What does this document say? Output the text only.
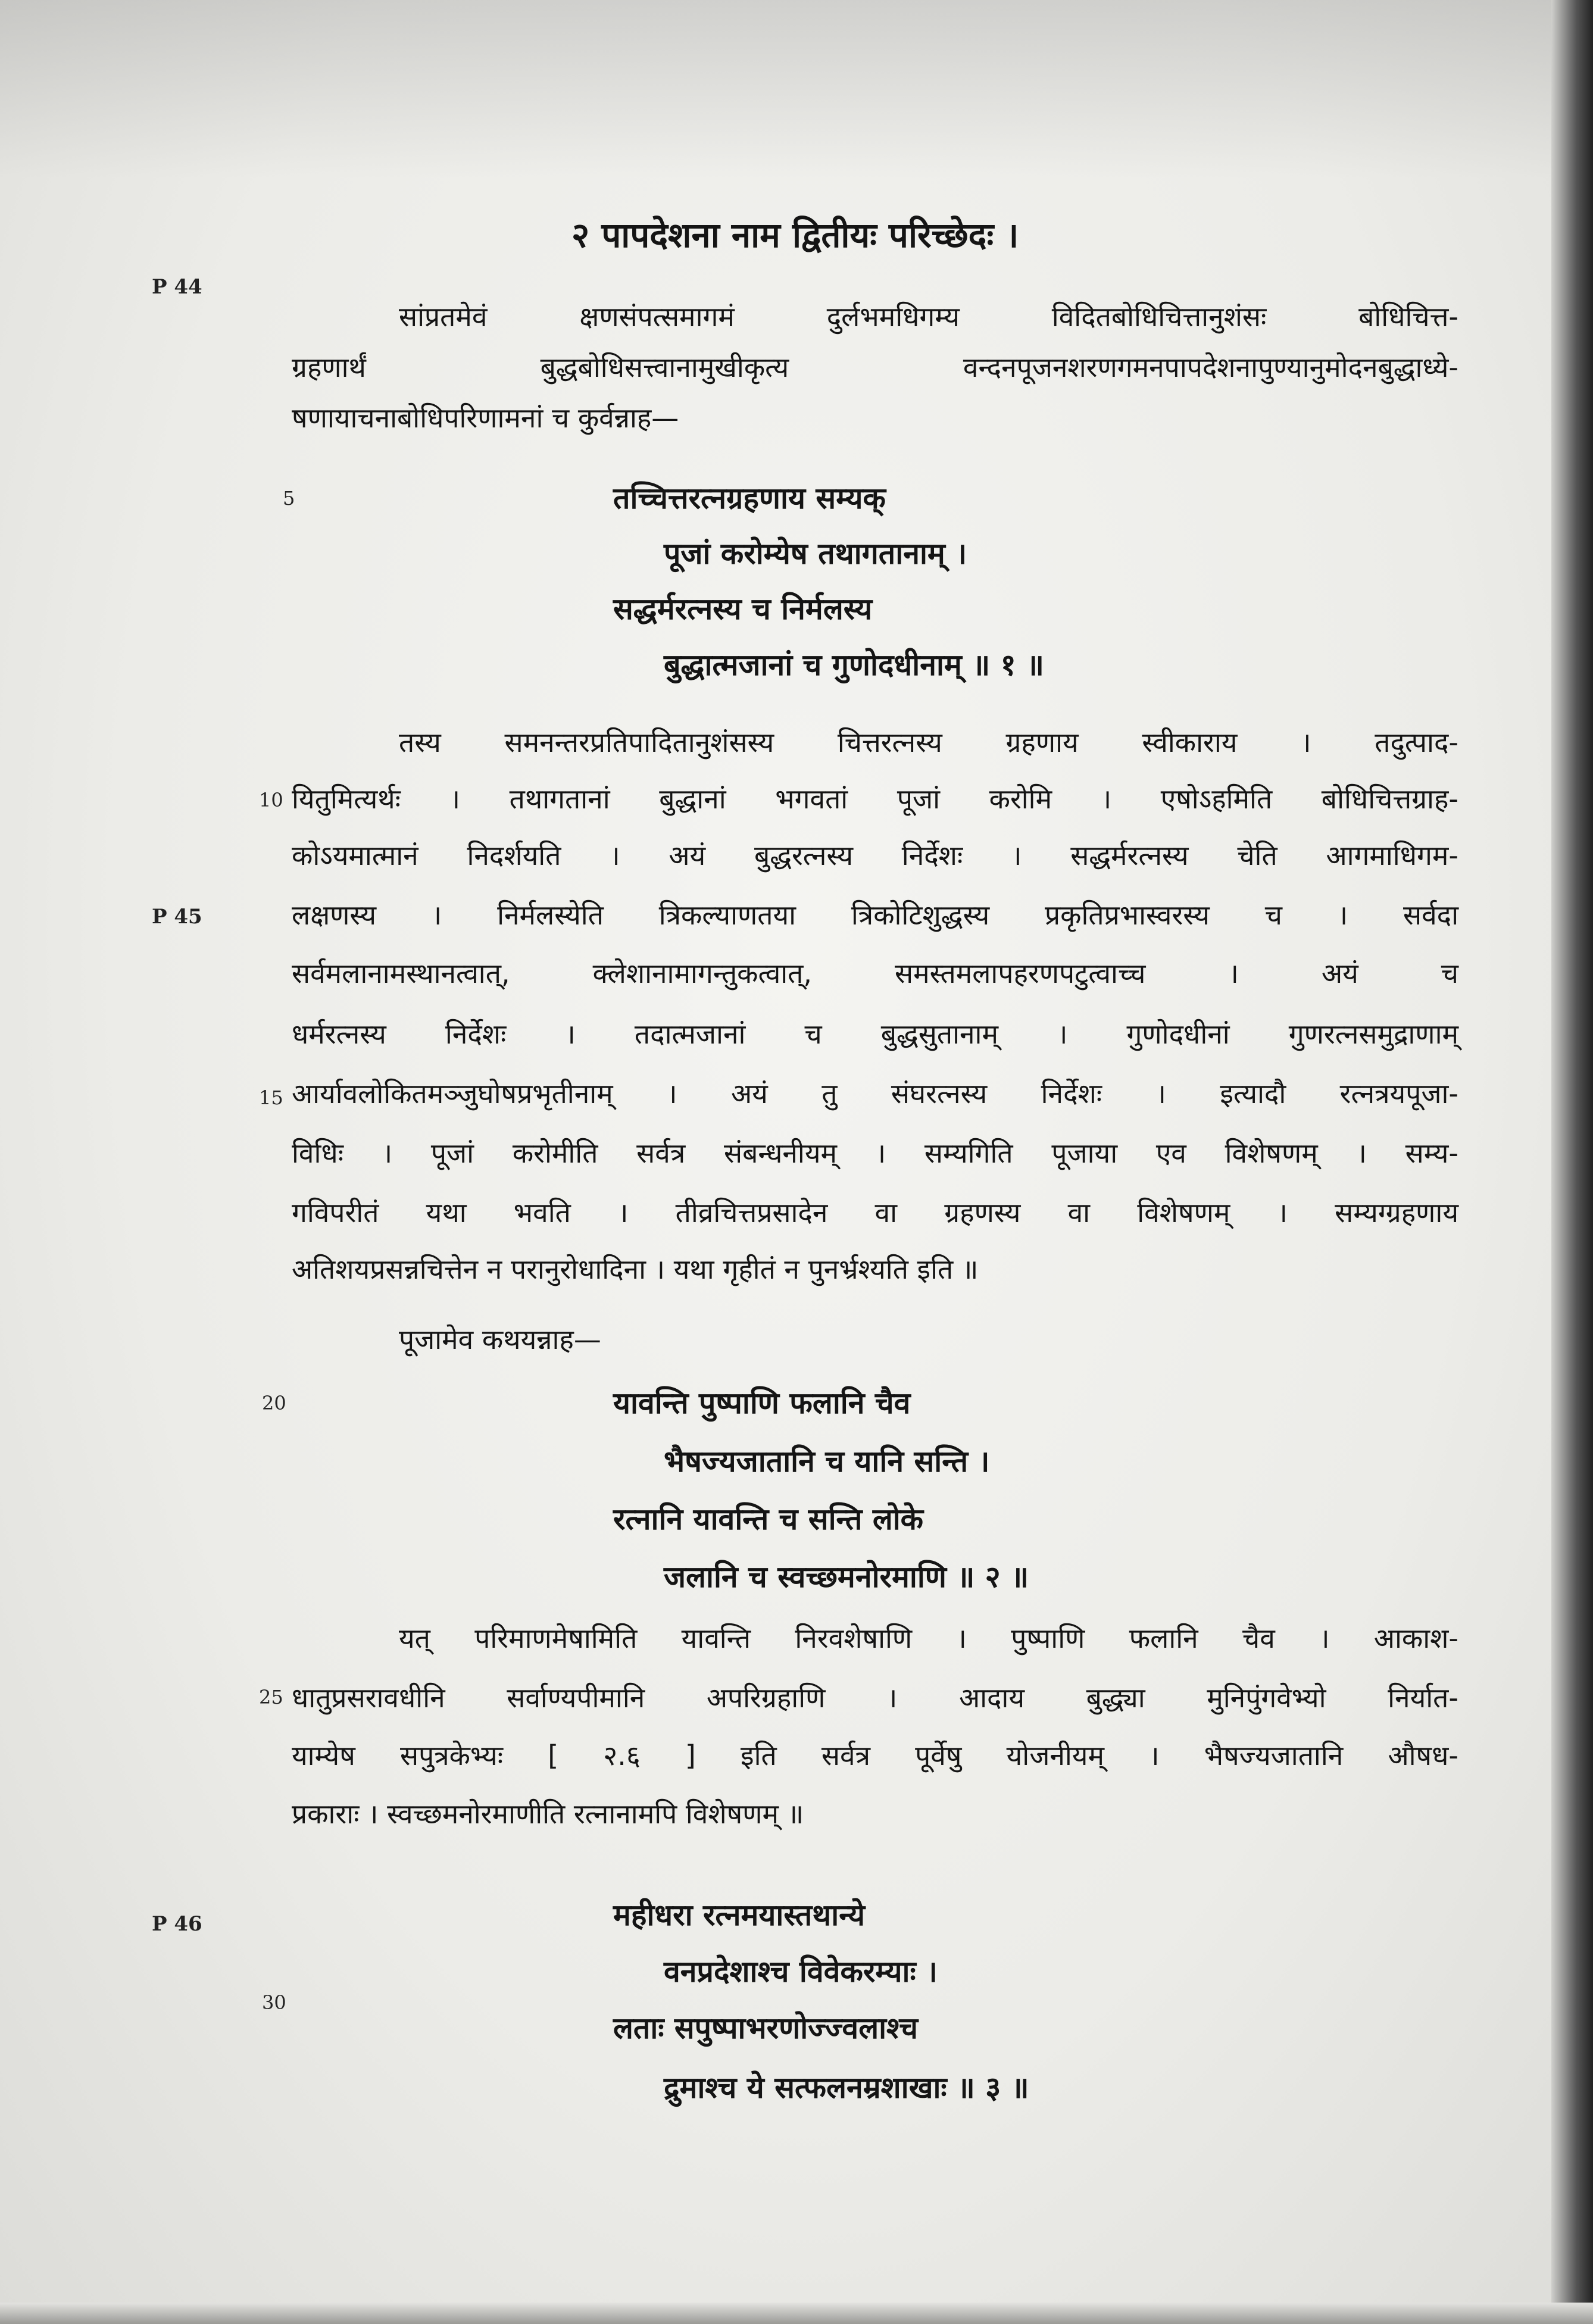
२ पापदेशना नाम द्वितीयः परिच्छेदः ।
P 44
P 45
P 46
5
10
15
20
25
30
सांप्रतमेवं क्षणसंपत्समागमं दुर्लभमधिगम्य विदितबोधिचित्तानुशंसः बोधिचित्त-
ग्रहणार्थं बुद्धबोधिसत्त्वानामुखीकृत्य वन्दनपूजनशरणगमनपापदेशनापुण्यानुमोदनबुद्धाध्ये-
षणायाचनाबोधिपरिणामनां च कुर्वन्नाह—
तच्चित्तरत्नग्रहणाय सम्यक्
पूजां करोम्येष तथागतानाम् ।
सद्धर्मरत्नस्य च निर्मलस्य
बुद्धात्मजानां च गुणोदधीनाम् ॥ १ ॥
तस्य समनन्तरप्रतिपादितानुशंसस्य चित्तरत्नस्य ग्रहणाय स्वीकाराय । तदुत्पाद-
यितुमित्यर्थः । तथागतानां बुद्धानां भगवतां पूजां करोमि । एषोऽहमिति बोधिचित्तग्राह-
कोऽयमात्मानं निदर्शयति । अयं बुद्धरत्नस्य निर्देशः । सद्धर्मरत्नस्य चेति आगमाधिगम-
लक्षणस्य । निर्मलस्येति त्रिकल्याणतया त्रिकोटिशुद्धस्य प्रकृतिप्रभास्वरस्य च । सर्वदा
सर्वमलानामस्थानत्वात्, क्लेशानामागन्तुकत्वात्, समस्तमलापहरणपटुत्वाच्च । अयं च
धर्मरत्नस्य निर्देशः । तदात्मजानां च बुद्धसुतानाम् । गुणोदधीनां गुणरत्नसमुद्राणाम्
आर्यावलोकितमञ्जुघोषप्रभृतीनाम् । अयं तु संघरत्नस्य निर्देशः । इत्यादौ रत्नत्रयपूजा-
विधिः । पूजां करोमीति सर्वत्र संबन्धनीयम् । सम्यगिति पूजाया एव विशेषणम् । सम्य-
गविपरीतं यथा भवति । तीव्रचित्तप्रसादेन वा ग्रहणस्य वा विशेषणम् । सम्यग्ग्रहणाय
अतिशयप्रसन्नचित्तेन न परानुरोधादिना । यथा गृहीतं न पुनर्भ्रश्यति इति ॥
पूजामेव कथयन्नाह—
यावन्ति पुष्पाणि फलानि चैव
भैषज्यजातानि च यानि सन्ति ।
रत्नानि यावन्ति च सन्ति लोके
जलानि च स्वच्छमनोरमाणि ॥ २ ॥
यत् परिमाणमेषामिति यावन्ति निरवशेषाणि । पुष्पाणि फलानि चैव । आकाश-
धातुप्रसरावधीनि सर्वाण्यपीमानि अपरिग्रहाणि । आदाय बुद्ध्या मुनिपुंगवेभ्यो निर्यात-
याम्येष सपुत्रकेभ्यः [ २.६ ] इति सर्वत्र पूर्वेषु योजनीयम् । भैषज्यजातानि औषध-
प्रकाराः । स्वच्छमनोरमाणीति रत्नानामपि विशेषणम् ॥
महीधरा रत्नमयास्तथान्ये
वनप्रदेशाश्च विवेकरम्याः ।
लताः सपुष्पाभरणोज्ज्वलाश्च
द्रुमाश्च ये सत्फलनम्रशाखाः ॥ ३ ॥
